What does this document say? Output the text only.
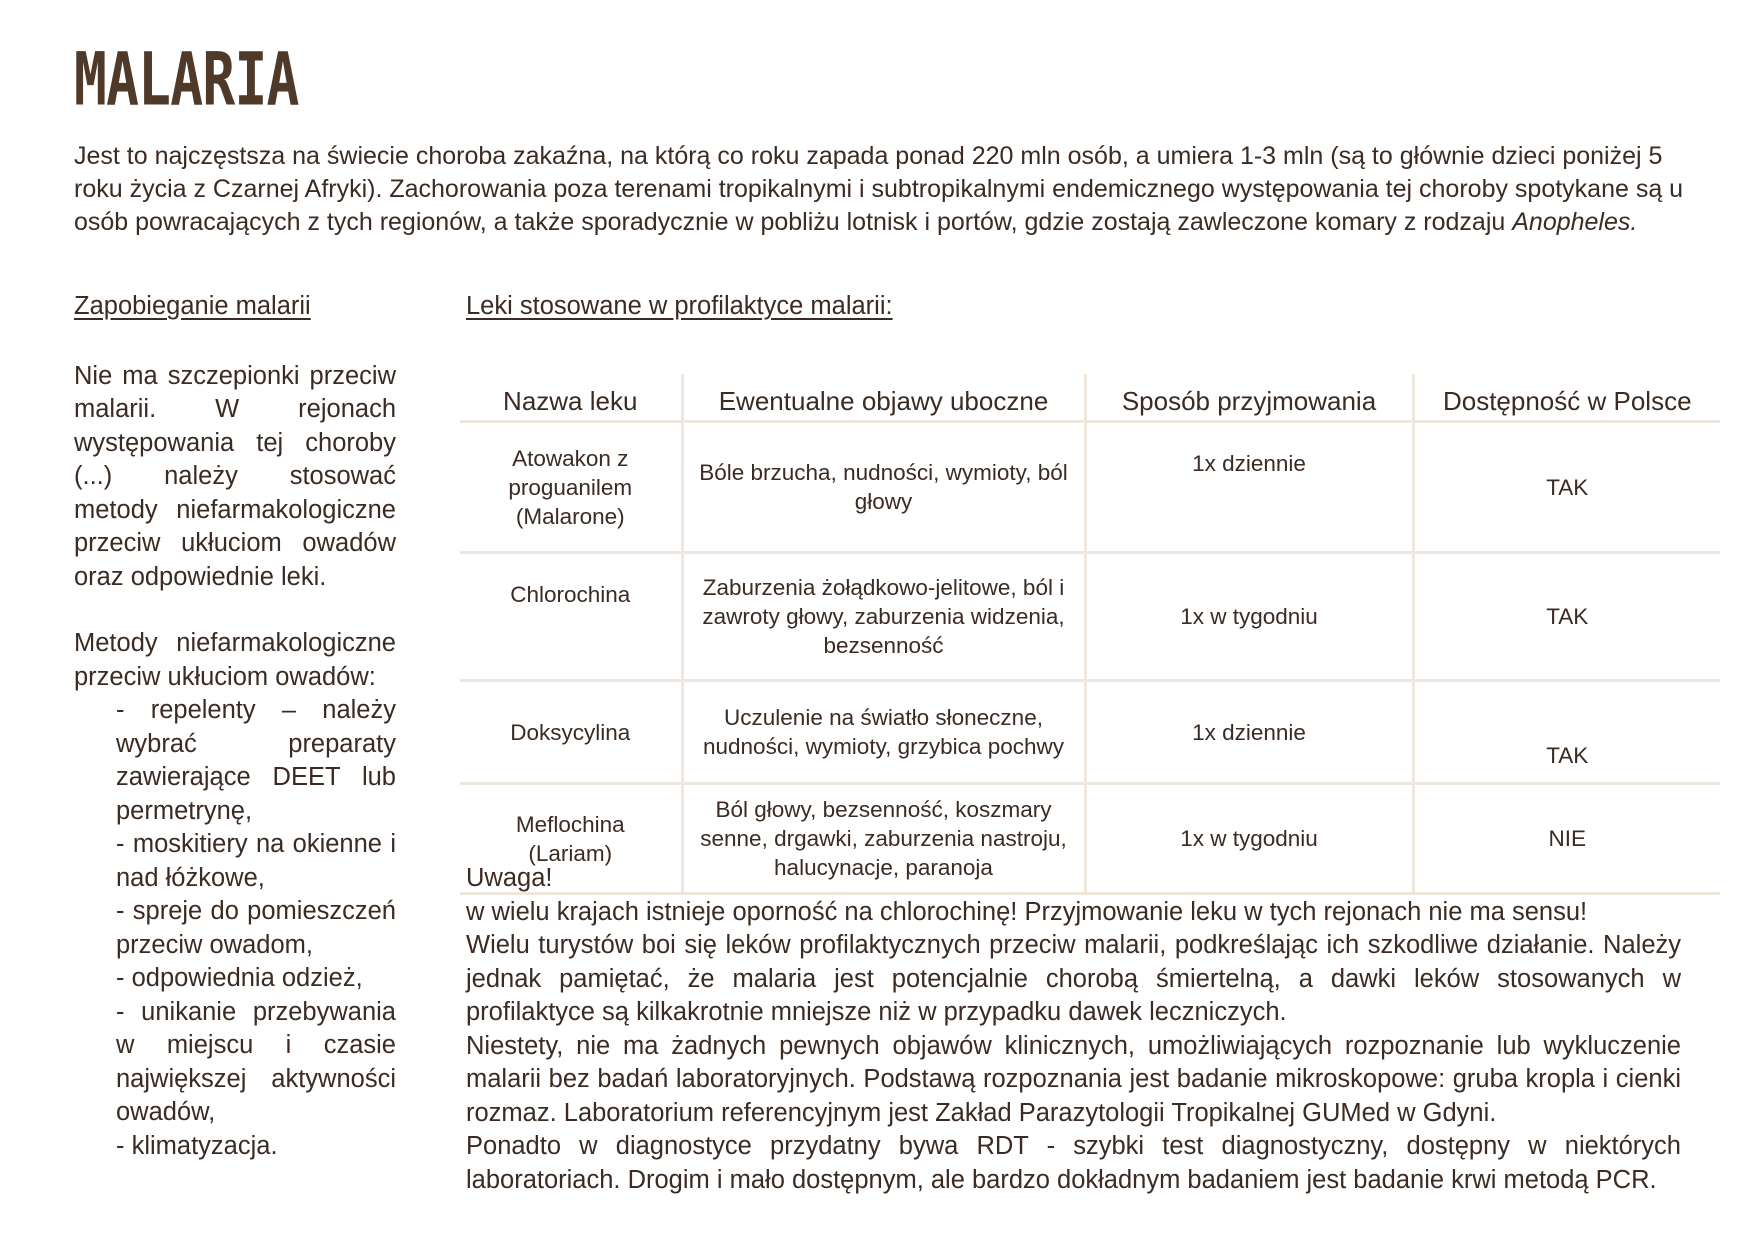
MALARIA
Jest to najczęstsza na świecie choroba zakaźna, na którą co roku zapada ponad 220 mln osób, a umiera 1-3 mln (są to głównie dzieci poniżej 5 roku życia z Czarnej Afryki). Zachorowania poza terenami tropikalnymi i subtropikalnymi endemicznego występowania tej choroby spotykane są u osób powracających z tych regionów, a także sporadycznie w pobliżu lotnisk i portów, gdzie zostają zawleczone komary z rodzaju Anopheles.
Zapobieganie malarii

Nie ma szczepionki przeciw malarii. W rejonach występowania tej choroby (...) należy stosować metody niefarmakologiczne przeciw ukłuciom owadów oraz odpowiednie leki.

Metody niefarmakologiczne przeciw ukłuciom owadów:

- repelenty – należy wybrać preparaty zawierające DEET lub permetrynę,
- moskitiery na okienne i nad łóżkowe,
- spreje do pomieszczeń przeciw owadom,
- odpowiednia odzież,
- unikanie przebywania w miejscu i czasie największej aktywności owadów,
- klimatyzacja.
Leki stosowane w profilaktyce malarii:
Nazwa leku	Ewentualne objawy uboczne	Sposób przyjmowania	Dostępność w Polsce
Atowakon z proguanilem (Malarone)	Bóle brzucha, nudności, wymioty, ból głowy	1x dziennie	TAK
Chlorochina	Zaburzenia żołądkowo-jelitowe, ból i zawroty głowy, zaburzenia widzenia, bezsenność	1x w tygodniu	TAK
Doksycylina	Uczulenie na światło słoneczne, nudności, wymioty, grzybica pochwy	1x dziennie	TAK
Meflochina (Lariam)	Ból głowy, bezsenność, koszmary senne, drgawki, zaburzenia nastroju, halucynacje, paranoja	1x w tygodniu	NIE

Uwaga!

w wielu krajach istnieje oporność na chlorochinę! Przyjmowanie leku w tych rejonach nie ma sensu!

Wielu turystów boi się leków profilaktycznych przeciw malarii, podkreślając ich szkodliwe działanie. Należy jednak pamiętać, że malaria jest potencjalnie chorobą śmiertelną, a dawki leków stosowanych w profilaktyce są kilkakrotnie mniejsze niż w przypadku dawek leczniczych.

Niestety, nie ma żadnych pewnych objawów klinicznych, umożliwiających rozpoznanie lub wykluczenie malarii bez badań laboratoryjnych. Podstawą rozpoznania jest badanie mikroskopowe: gruba kropla i cienki rozmaz. Laboratorium referencyjnym jest Zakład Parazytologii Tropikalnej GUMed w Gdyni.

Ponadto w diagnostyce przydatny bywa RDT - szybki test diagnostyczny, dostępny w niektórych laboratoriach. Drogim i mało dostępnym, ale bardzo dokładnym badaniem jest badanie krwi metodą PCR.
